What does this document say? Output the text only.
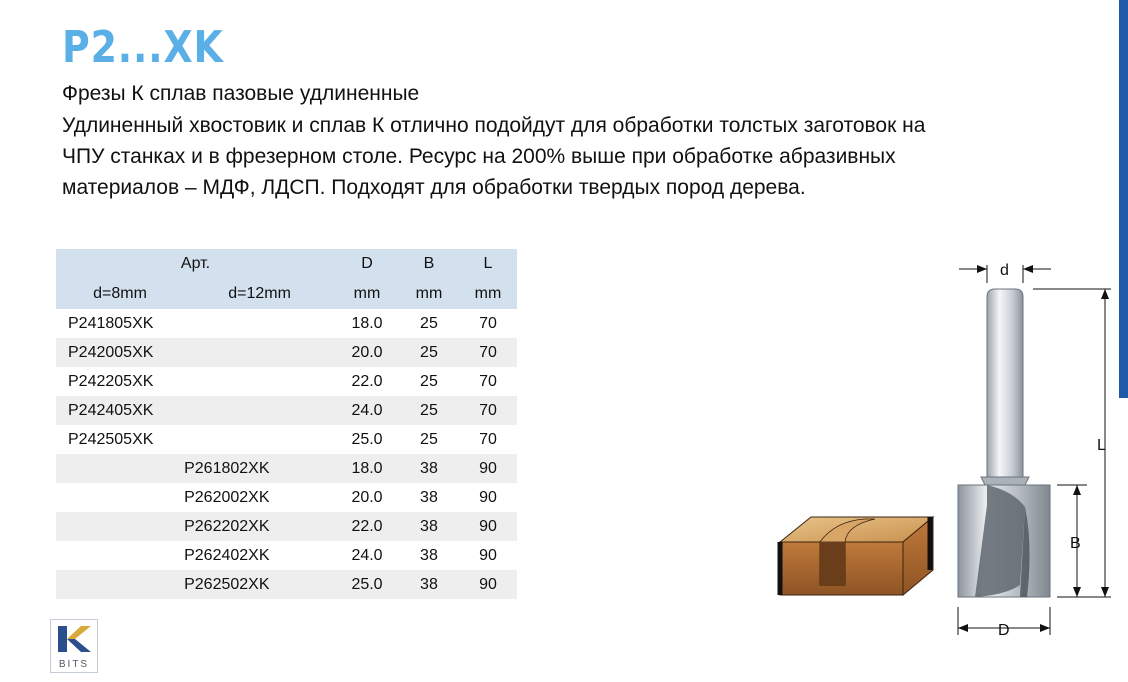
P2...XK
Фрезы К сплав пазовые удлиненные
Удлиненный хвостовик и сплав К отлично подойдут для обработки толстых заготовок на ЧПУ станках и в фрезерном столе. Ресурс на 200% выше при обработке абразивных материалов – МДФ, ЛДСП. Подходят для обработки твердых пород дерева.
Арт.		D	B	L
d=8mm	d=12mm	mm	mm	mm
P241805XK		18.0	25	70
P242005XK		20.0	25	70
P242205XK		22.0	25	70
P242405XK		24.0	25	70
P242505XK		25.0	25	70
	P261802XK	18.0	38	90
	P262002XK	20.0	38	90
	P262202XK	22.0	38	90
	P262402XK	24.0	38	90
	P262502XK	25.0	38	90
BITS
d
L
B
D
